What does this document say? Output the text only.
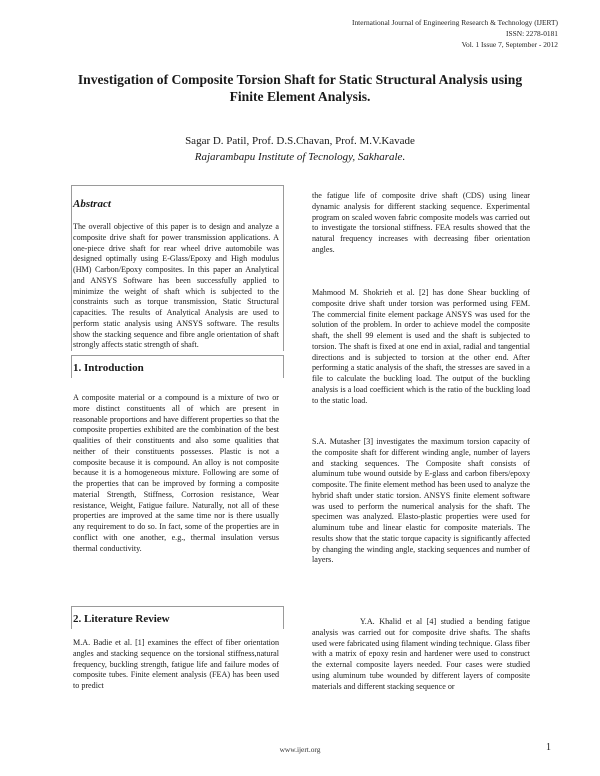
International Journal of Engineering Research & Technology (IJERT)
ISSN: 2278-0181
Vol. 1 Issue 7, September - 2012
Investigation of Composite Torsion Shaft for Static Structural Analysis using Finite Element Analysis.
Sagar D. Patil, Prof. D.S.Chavan, Prof. M.V.Kavade
Rajarambapu Institute of Tecnology, Sakharale.
Abstract

The overall objective of this paper is to design and analyze a composite drive shaft for power transmission applications. A one-piece drive shaft for rear wheel drive automobile was designed optimally using E-Glass/Epoxy and High modulus (HM) Carbon/Epoxy composites. In this paper an Analytical and ANSYS Software has been successfully applied to minimize the weight of shaft which is subjected to the constraints such as torque transmission, Static Structural capacities. The results of Analytical Analysis are used to perform static analysis using ANSYS software. The results show the stacking sequence and fibre angle orientation of shaft strongly affects static strength of shaft.

1. Introduction

A composite material or a compound is a mixture of two or more distinct constituents all of which are present in reasonable proportions and have different properties so that the composite properties exhibited are the combination of the best qualities of their constituents and also some qualities that neither of their constituents possesses. Plastic is not a composite because it is compound. An alloy is not composite because it is a homogeneous mixture. Following are some of the properties that can be improved by forming a composite material Strength, Stiffness, Corrosion resistance, Wear resistance, Weight, Fatigue failure. Naturally, not all of these properties are improved at the same time nor is there usually any requirement to do so. In fact, some of the properties are in conflict with one another, e.g., thermal insulation versus thermal conductivity.

2. Literature Review

M.A. Badie et al. [1] examines the effect of fiber orientation angles and stacking sequence on the torsional stiffness,natural frequency, buckling strength, fatigue life and failure modes of composite tubes. Finite element analysis (FEA) has been used to predict

the fatigue life of composite drive shaft (CDS) using linear dynamic analysis for different stacking sequence. Experimental program on scaled woven fabric composite models was carried out to investigate the torsional stiffness. FEA results showed that the natural frequency increases with decreasing fiber orientation angles.

Mahmood M. Shokrieh et al. [2] has done Shear buckling of composite drive shaft under torsion was performed using FEM. The commercial finite element package ANSYS was used for the solution of the problem. In order to achieve model the composite shaft, the shell 99 element is used and the shaft is subjected to torsion. The shaft is fixed at one end in axial, radial and tangential directions and is subjected to torsion at the other end. After performing a static analysis of the shaft, the stresses are saved in a file to calculate the buckling load. The output of the buckling analysis is a load coefficient which is the ratio of the buckling load to the static load.

S.A. Mutasher [3] investigates the maximum torsion capacity of the composite shaft for different winding angle, number of layers and stacking sequences. The Composite shaft consists of aluminum tube wound outside by E-glass and carbon fibers/epoxy composite. The finite element method has been used to analyze the hybrid shaft under static torsion. ANSYS finite element software was used to perform the numerical analysis for the shaft. The specimen was analyzed. Elasto-plastic properties were used for aluminum tube and linear elastic for composite materials. The results show that the static torque capacity is significantly affected by changing the winding angle, stacking sequences and number of layers.

Y.A. Khalid et al [4] studied a bending fatigue analysis was carried out for composite drive shafts. The shafts used were fabricated using filament winding technique. Glass fiber with a matrix of epoxy resin and hardener were used to construct the external composite layers needed. Four cases were studied using aluminum tube wounded by different layers of composite materials and different stacking sequence or

www.ijert.org	1
